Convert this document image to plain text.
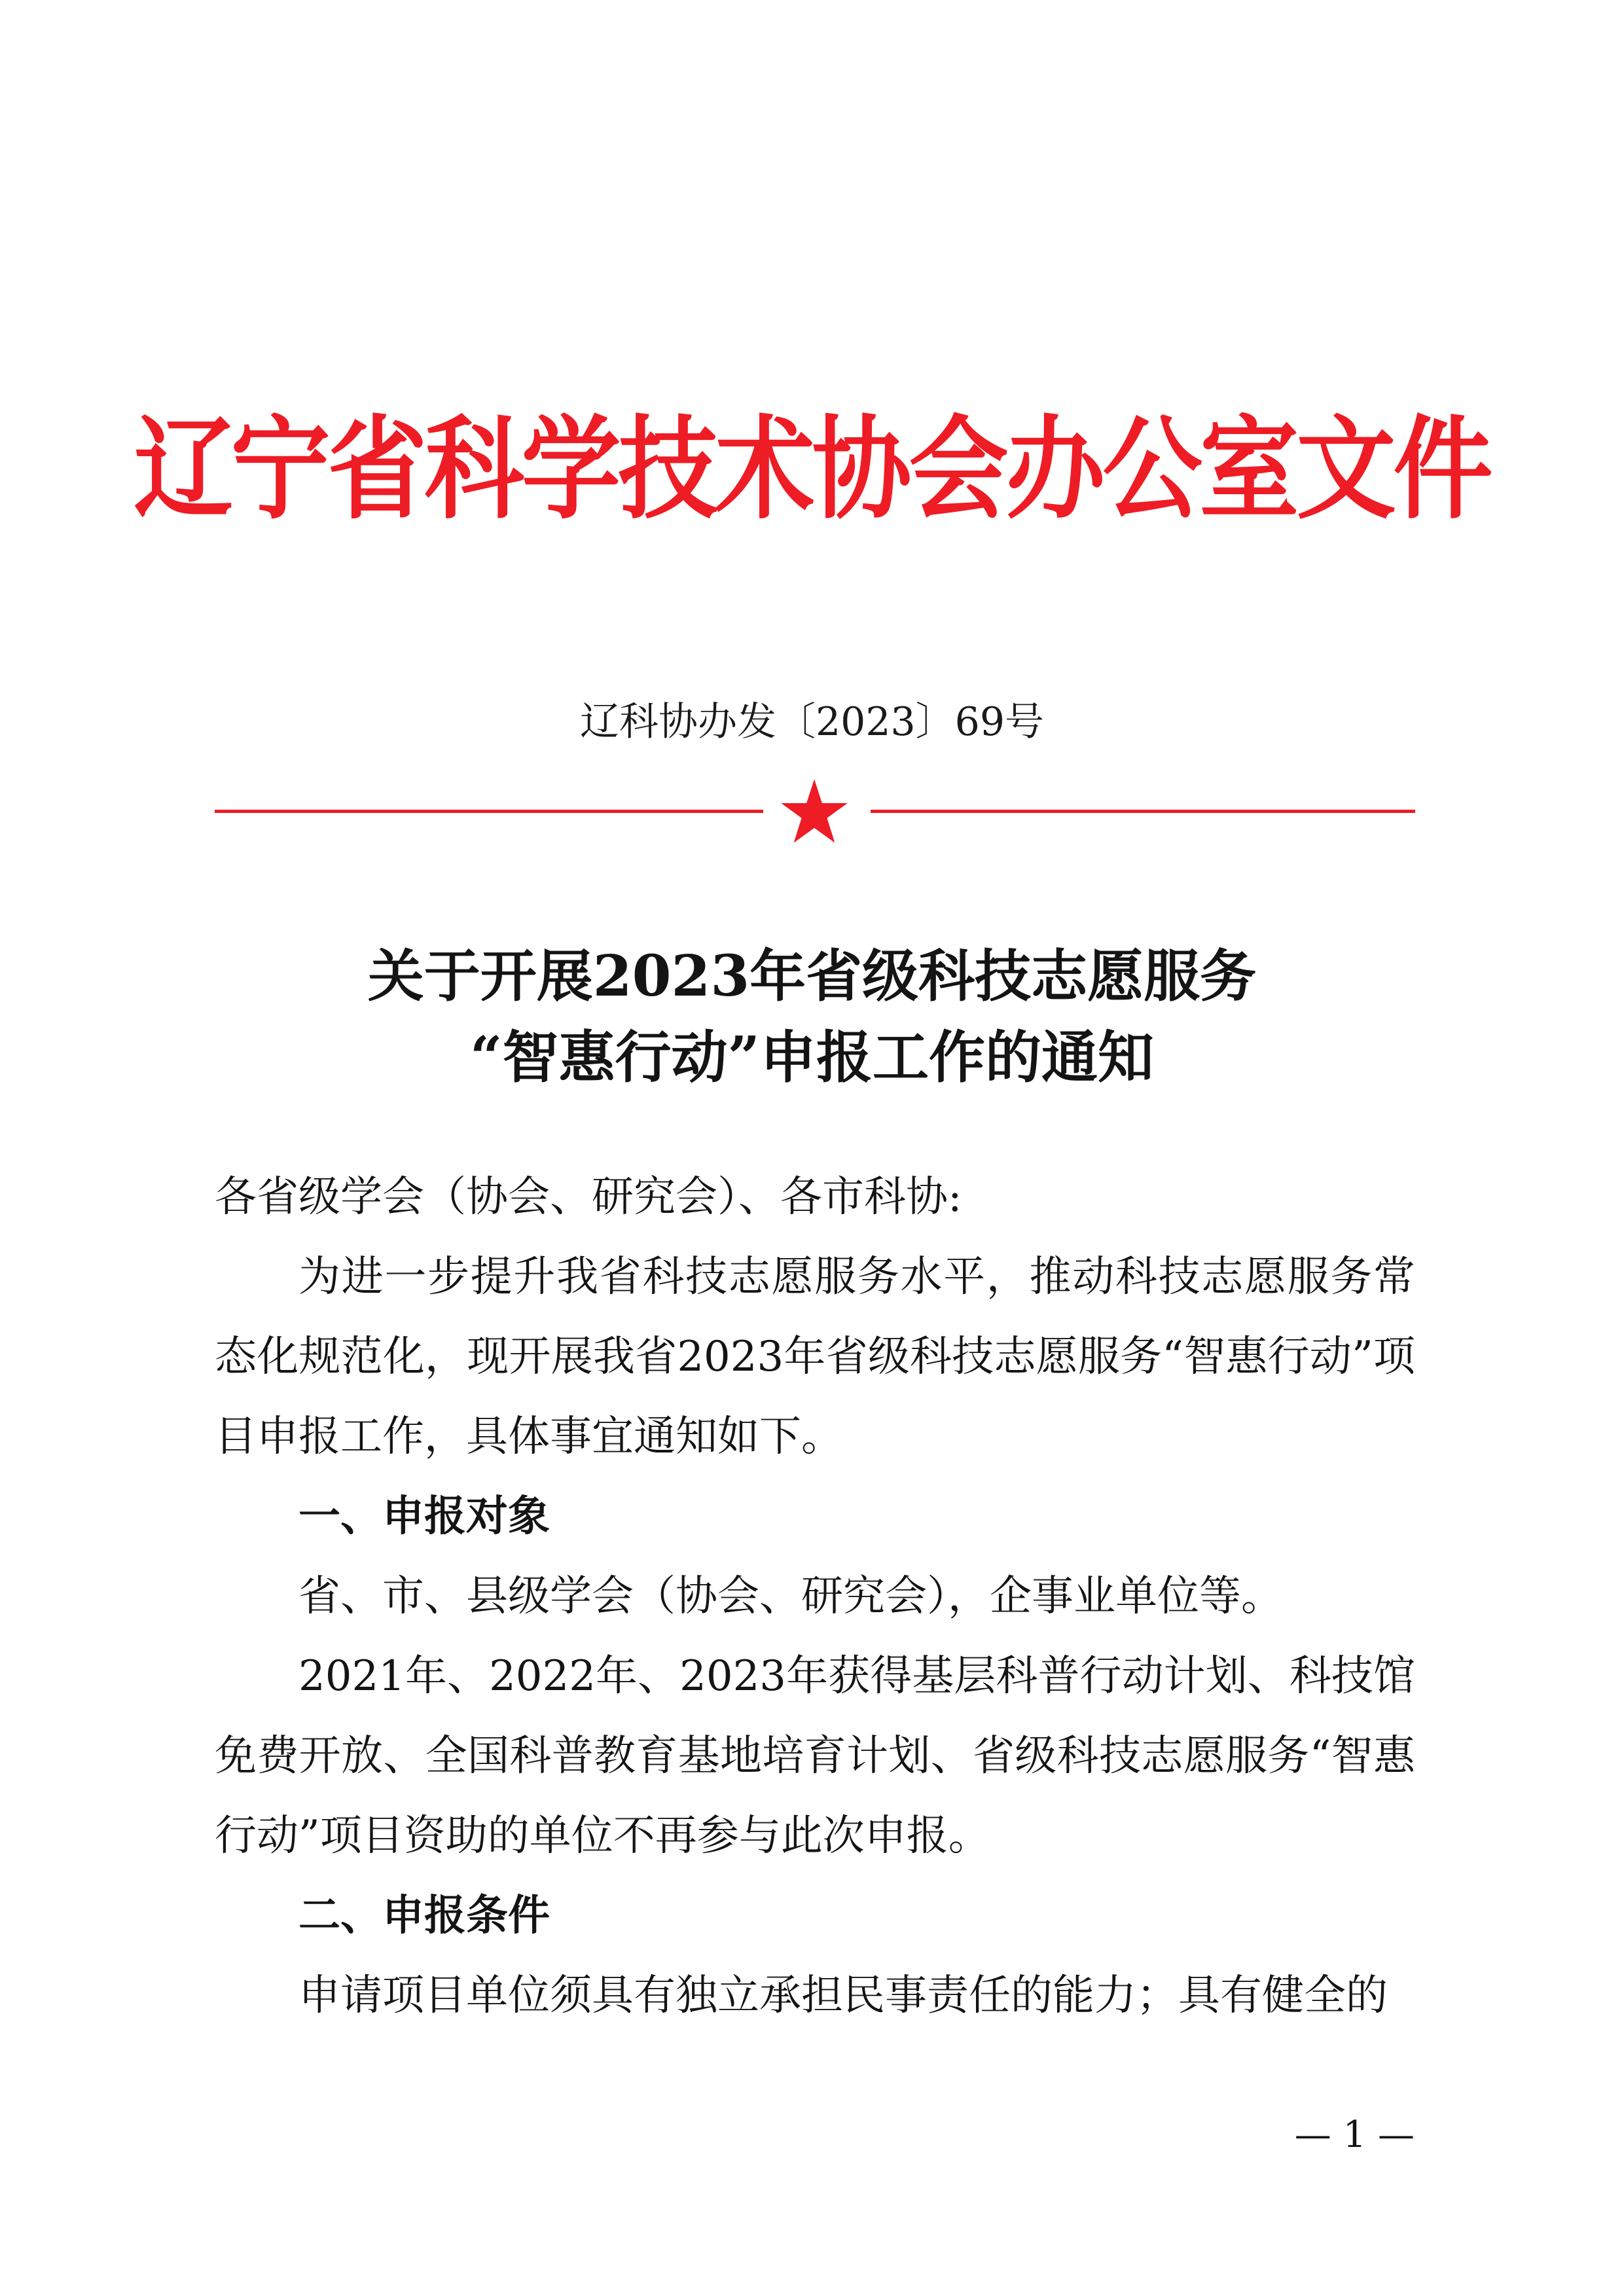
辽宁省科学技术协会办公室文件
辽科协办发〔2023〕69号
关于开展2023年省级科技志愿服务
“智惠行动”申报工作的通知

各省级学会（协会、研究会）、各市科协:

为进一步提升我省科技志愿服务水平，推动科技志愿服务常态化规范化，现开展我省2023年省级科技志愿服务“智惠行动”项目申报工作，具体事宜通知如下。

一、申报对象

省、市、县级学会（协会、研究会），企事业单位等。

2021年、2022年、2023年获得基层科普行动计划、科技馆免费开放、全国科普教育基地培育计划、省级科技志愿服务“智惠行动”项目资助的单位不再参与此次申报。

二、申报条件

申请项目单位须具有独立承担民事责任的能力；具有健全的

— 1 —
